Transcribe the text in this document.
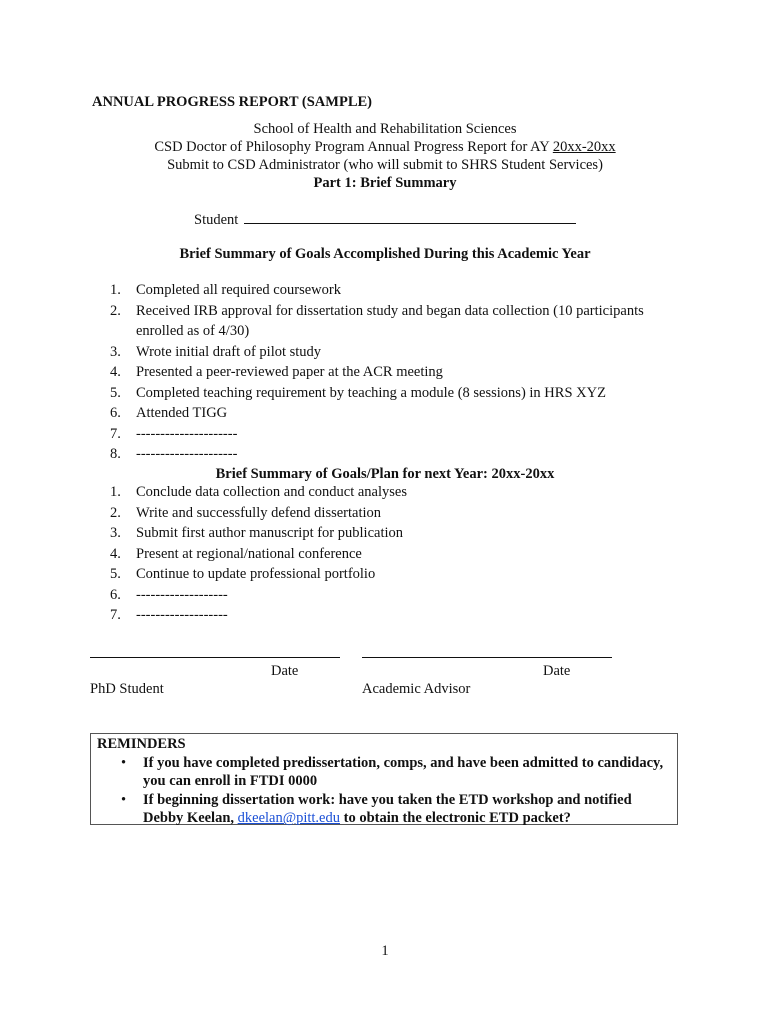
ANNUAL PROGRESS REPORT (SAMPLE)
School of Health and Rehabilitation Sciences
CSD Doctor of Philosophy Program Annual Progress Report for AY 20xx-20xx
Submit to CSD Administrator (who will submit to SHRS Student Services)
Part 1: Brief Summary
Student
Brief Summary of Goals Accomplished During this Academic Year
1. Completed all required coursework
2. Received IRB approval for dissertation study and began data collection (10 participants
enrolled as of 4/30)
3. Wrote initial draft of pilot study
4. Presented a peer-reviewed paper at the ACR meeting
5. Completed teaching requirement by teaching a module (8 sessions) in HRS XYZ
6. Attended TIGG
7. ---------------------
8. ---------------------
Brief Summary of Goals/Plan for next Year: 20xx-20xx
1. Conclude data collection and conduct analyses
2. Write and successfully defend dissertation
3. Submit first author manuscript for publication
4. Present at regional/national conference
5. Continue to update professional portfolio
6. -------------------
7. -------------------
Date	Date
PhD Student	Academic Advisor
REMINDERS
• If you have completed predissertation, comps, and have been admitted to candidacy, you can enroll in FTDI 0000
• If beginning dissertation work: have you taken the ETD workshop and notified Debby Keelan, dkeelan@pitt.edu to obtain the electronic ETD packet?
1
